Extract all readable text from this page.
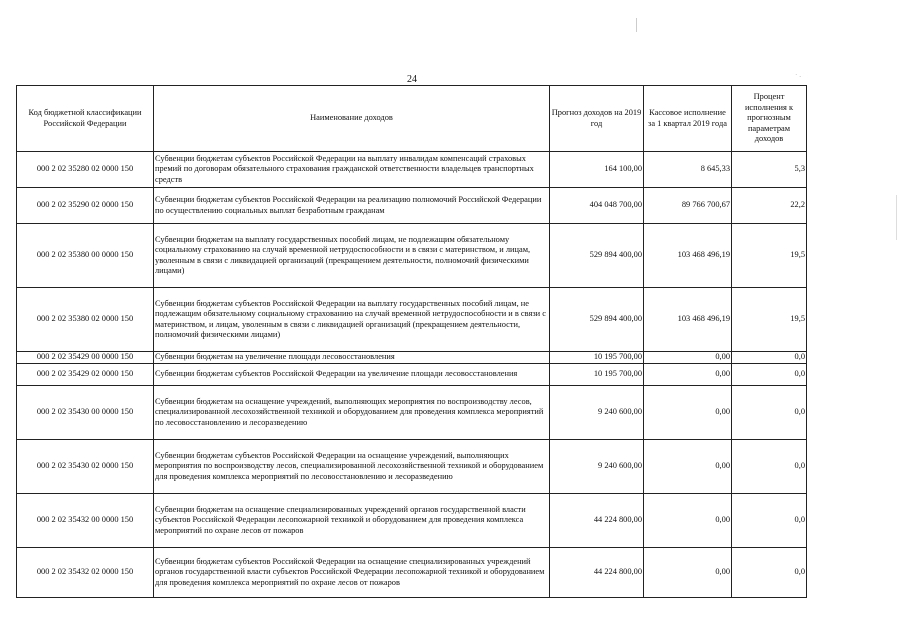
˙ ᐧ
24
Код бюджетной классификации Российской Федерации	Наименование доходов	Прогноз доходов на 2019 год	Кассовое исполнение за 1 квартал 2019 года	Процент исполнения к прогнозным параметрам доходов
000 2 02 35280 02 0000 150	Субвенции бюджетам субъектов Российской Федерации на выплату инвалидам компенсаций страховых премий по договорам обязательного страхования гражданской ответственности владельцев транспортных средств	164 100,00	8 645,33	5,3
000 2 02 35290 02 0000 150	Субвенции бюджетам субъектов Российской Федерации на реализацию полномочий Российской Федерации по осуществлению социальных выплат безработным гражданам	404 048 700,00	89 766 700,67	22,2
000 2 02 35380 00 0000 150	Субвенции бюджетам на выплату государственных пособий лицам, не подлежащим обязательному социальному страхованию на случай временной нетрудоспособности и в связи с материнством, и лицам, уволенным в связи с ликвидацией организаций (прекращением деятельности, полномочий физическими лицами)	529 894 400,00	103 468 496,19	19,5
000 2 02 35380 02 0000 150	Субвенции бюджетам субъектов Российской Федерации на выплату государственных пособий лицам, не подлежащим обязательному социальному страхованию на случай временной нетрудоспособности и в связи с материнством, и лицам, уволенным в связи с ликвидацией организаций (прекращением деятельности, полномочий физическими лицами)	529 894 400,00	103 468 496,19	19,5
000 2 02 35429 00 0000 150	Субвенции бюджетам на увеличение площади лесовосстановления	10 195 700,00	0,00	0,0
000 2 02 35429 02 0000 150	Субвенции бюджетам субъектов Российской Федерации на увеличение площади лесовосстановления	10 195 700,00	0,00	0,0
000 2 02 35430 00 0000 150	Субвенции бюджетам на оснащение учреждений, выполняющих мероприятия по воспроизводству лесов, специализированной лесохозяйственной техникой и оборудованием для проведения комплекса мероприятий по лесовосстановлению и лесоразведению	9 240 600,00	0,00	0,0
000 2 02 35430 02 0000 150	Субвенции бюджетам субъектов Российской Федерации на оснащение учреждений, выполняющих мероприятия по воспроизводству лесов, специализированной лесохозяйственной техникой и оборудованием для проведения комплекса мероприятий по лесовосстановлению и лесоразведению	9 240 600,00	0,00	0,0
000 2 02 35432 00 0000 150	Субвенции бюджетам на оснащение специализированных учреждений органов государственной власти субъектов Российской Федерации лесопожарной техникой и оборудованием для проведения комплекса мероприятий по охране лесов от пожаров	44 224 800,00	0,00	0,0
000 2 02 35432 02 0000 150	Субвенции бюджетам субъектов Российской Федерации на оснащение специализированных учреждений органов государственной власти субъектов Российской Федерации лесопожарной техникой и оборудованием для проведения комплекса мероприятий по охране лесов от пожаров	44 224 800,00	0,00	0,0
